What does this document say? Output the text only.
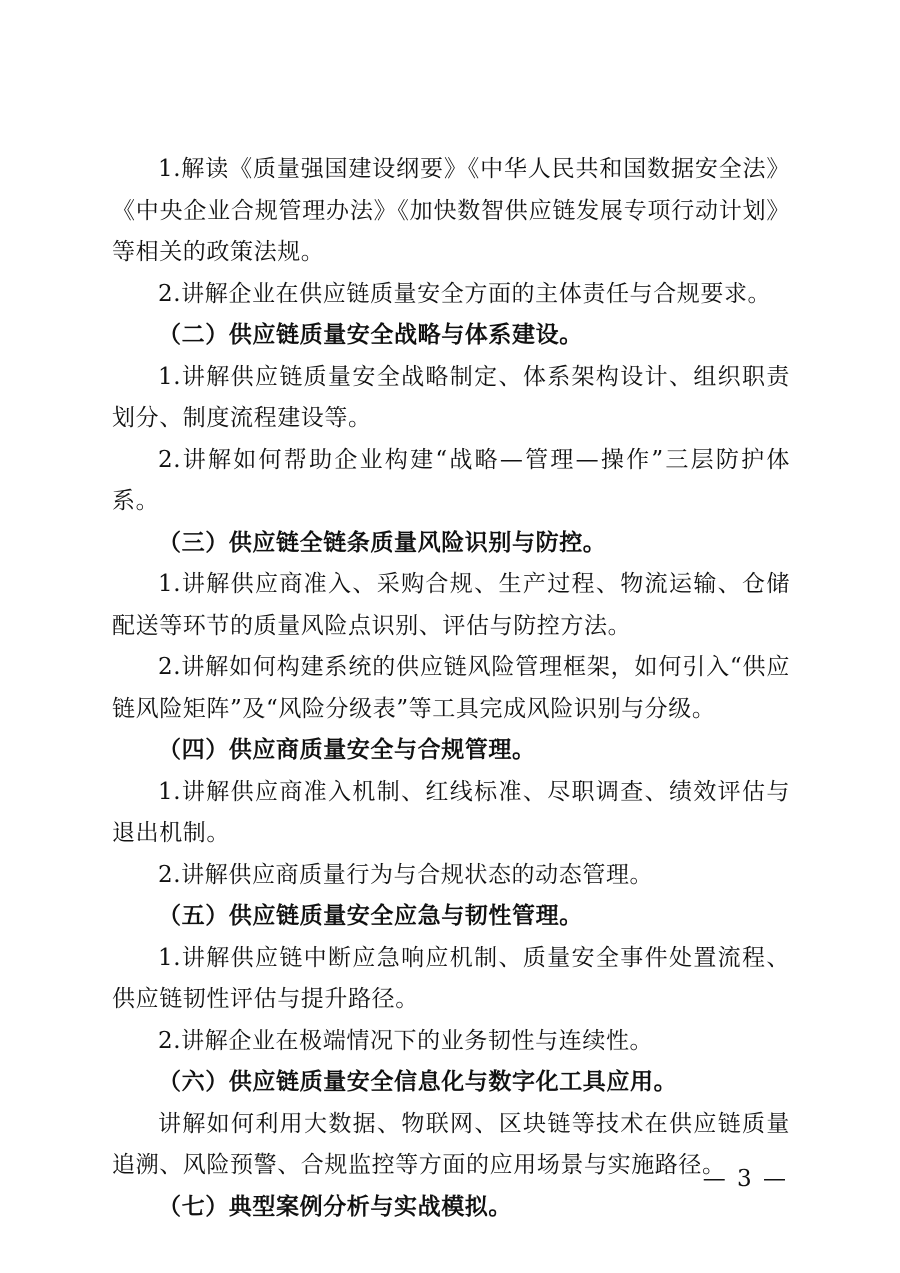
1.解读《质量强国建设纲要》《中华人民共和国数据安全法》《中央企业合规管理办法》《加快数智供应链发展专项行动计划》等相关的政策法规。

2.讲解企业在供应链质量安全方面的主体责任与合规要求。

（二）供应链质量安全战略与体系建设。

1.讲解供应链质量安全战略制定、体系架构设计、组织职责划分、制度流程建设等。

2.讲解如何帮助企业构建“战略—管理—操作”三层防护体系。

（三）供应链全链条质量风险识别与防控。

1.讲解供应商准入、采购合规、生产过程、物流运输、仓储配送等环节的质量风险点识别、评估与防控方法。

2.讲解如何构建系统的供应链风险管理框架，如何引入“供应链风险矩阵”及“风险分级表”等工具完成风险识别与分级。

（四）供应商质量安全与合规管理。

1.讲解供应商准入机制、红线标准、尽职调查、绩效评估与退出机制。

2.讲解供应商质量行为与合规状态的动态管理。

（五）供应链质量安全应急与韧性管理。

1.讲解供应链中断应急响应机制、质量安全事件处置流程、供应链韧性评估与提升路径。

2.讲解企业在极端情况下的业务韧性与连续性。

（六）供应链质量安全信息化与数字化工具应用。

讲解如何利用大数据、物联网、区块链等技术在供应链质量追溯、风险预警、合规监控等方面的应用场景与实施路径。

（七）典型案例分析与实战模拟。

— 3 —
